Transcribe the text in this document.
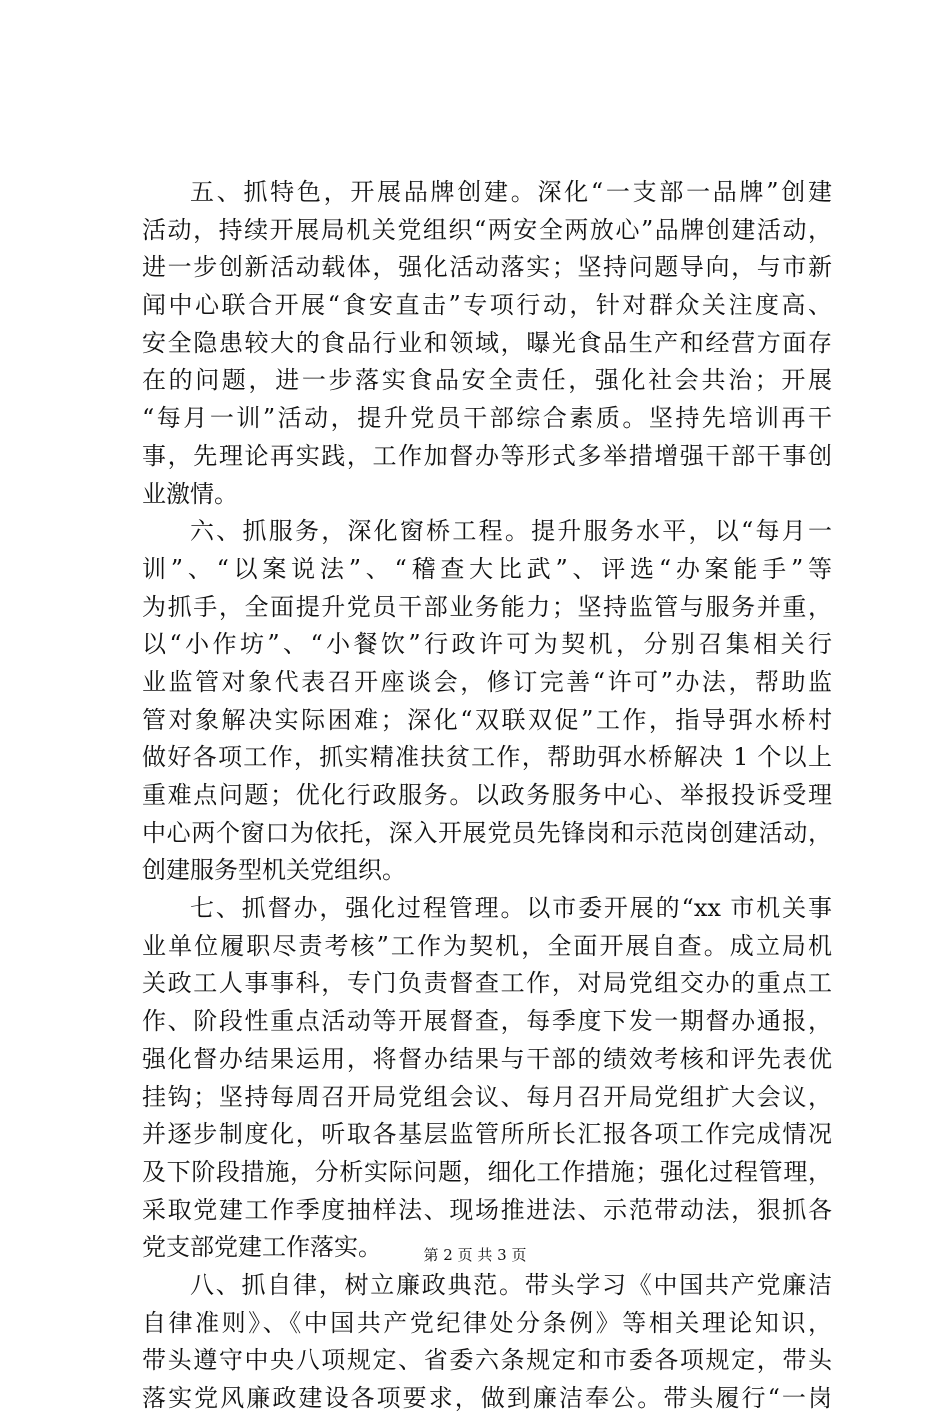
五、抓特色，开展品牌创建。深化“一支部一品牌”创建
活动，持续开展局机关党组织“两安全两放心”品牌创建活动，
进一步创新活动载体，强化活动落实；坚持问题导向，与市新
闻中心联合开展“食安直击”专项行动，针对群众关注度高、
安全隐患较大的食品行业和领域，曝光食品生产和经营方面存
在的问题，进一步落实食品安全责任，强化社会共治；开展
“每月一训”活动，提升党员干部综合素质。坚持先培训再干
事，先理论再实践，工作加督办等形式多举措增强干部干事创
业激情。
六、抓服务，深化窗桥工程。提升服务水平，以“每月一
训”、“以案说法”、“稽查大比武”、评选“办案能手”等
为抓手，全面提升党员干部业务能力；坚持监管与服务并重，
以“小作坊”、“小餐饮”行政许可为契机，分别召集相关行
业监管对象代表召开座谈会，修订完善“许可”办法，帮助监
管对象解决实际困难；深化“双联双促”工作，指导弭水桥村
做好各项工作，抓实精准扶贫工作，帮助弭水桥解决 1 个以上
重难点问题；优化行政服务。以政务服务中心、举报投诉受理
中心两个窗口为依托，深入开展党员先锋岗和示范岗创建活动，
创建服务型机关党组织。
七、抓督办，强化过程管理。以市委开展的“xx 市机关事
业单位履职尽责考核”工作为契机，全面开展自查。成立局机
关政工人事事科，专门负责督查工作，对局党组交办的重点工
作、阶段性重点活动等开展督查，每季度下发一期督办通报，
强化督办结果运用，将督办结果与干部的绩效考核和评先表优
挂钩；坚持每周召开局党组会议、每月召开局党组扩大会议，
并逐步制度化，听取各基层监管所所长汇报各项工作完成情况
及下阶段措施，分析实际问题，细化工作措施；强化过程管理，
采取党建工作季度抽样法、现场推进法、示范带动法，狠抓各
党支部党建工作落实。
八、抓自律，树立廉政典范。带头学习《中国共产党廉洁
自律准则》、《中国共产党纪律处分条例》等相关理论知识，
带头遵守中央八项规定、省委六条规定和市委各项规定，带头
落实党风廉政建设各项要求，做到廉洁奉公。带头履行“一岗
第 2 页 共 3 页
